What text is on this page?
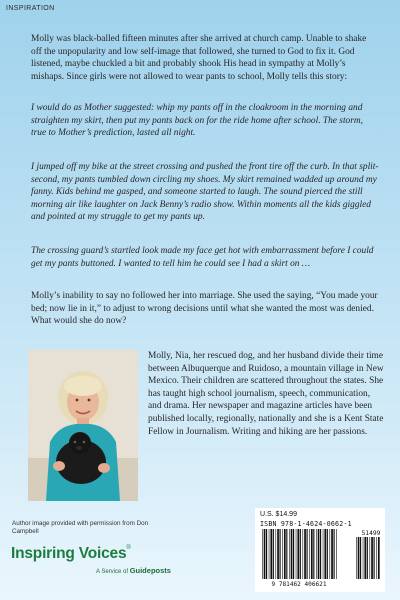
INSPIRATION

Molly was black-balled fifteen minutes after she arrived at church camp. Unable to shake off the unpopularity and low self-image that followed, she turned to God to fix it. God listened, maybe chuckled a bit and probably shook His head in sympathy at Molly’s mishaps. Since girls were not allowed to wear pants to school, Molly tells this story:

I would do as Mother suggested: whip my pants off in the cloakroom in the morning and straighten my skirt, then put my pants back on for the ride home after school. The storm, true to Mother’s prediction, lasted all night.

I jumped off my bike at the street crossing and pushed the front tire off the curb. In that split-second, my pants tumbled down circling my shoes. My skirt remained wadded up around my fanny. Kids behind me gasped, and someone started to laugh. The sound pierced the still morning air like laughter on Jack Benny’s radio show. Within moments all the kids giggled and pointed at my struggle to get my pants up.

The crossing guard’s startled look made my face get hot with embarrassment before I could get my pants buttoned. I wanted to tell him he could see I had a skirt on …

Molly’s inability to say no followed her into marriage. She used the saying, “You made your bed; now lie in it,” to adjust to wrong decisions until what she wanted the most was denied. What would she do now?

Molly, Nia, her rescued dog, and her husband divide their time between Albuquerque and Ruidoso, a mountain village in New Mexico. Their children are scattered throughout the states. She has taught high school journalism, speech, communication, and drama. Her newspaper and magazine articles have been published locally, regionally, nationally and she is a Kent State Fellow in Journalism. Writing and hiking are her passions.

Author image provided with permission from Don Campbell

Inspiring Voices®
A Service of Guideposts
U.S. $14.99
ISBN 978-1-4624-0662-1
51499
9 781462 406621
